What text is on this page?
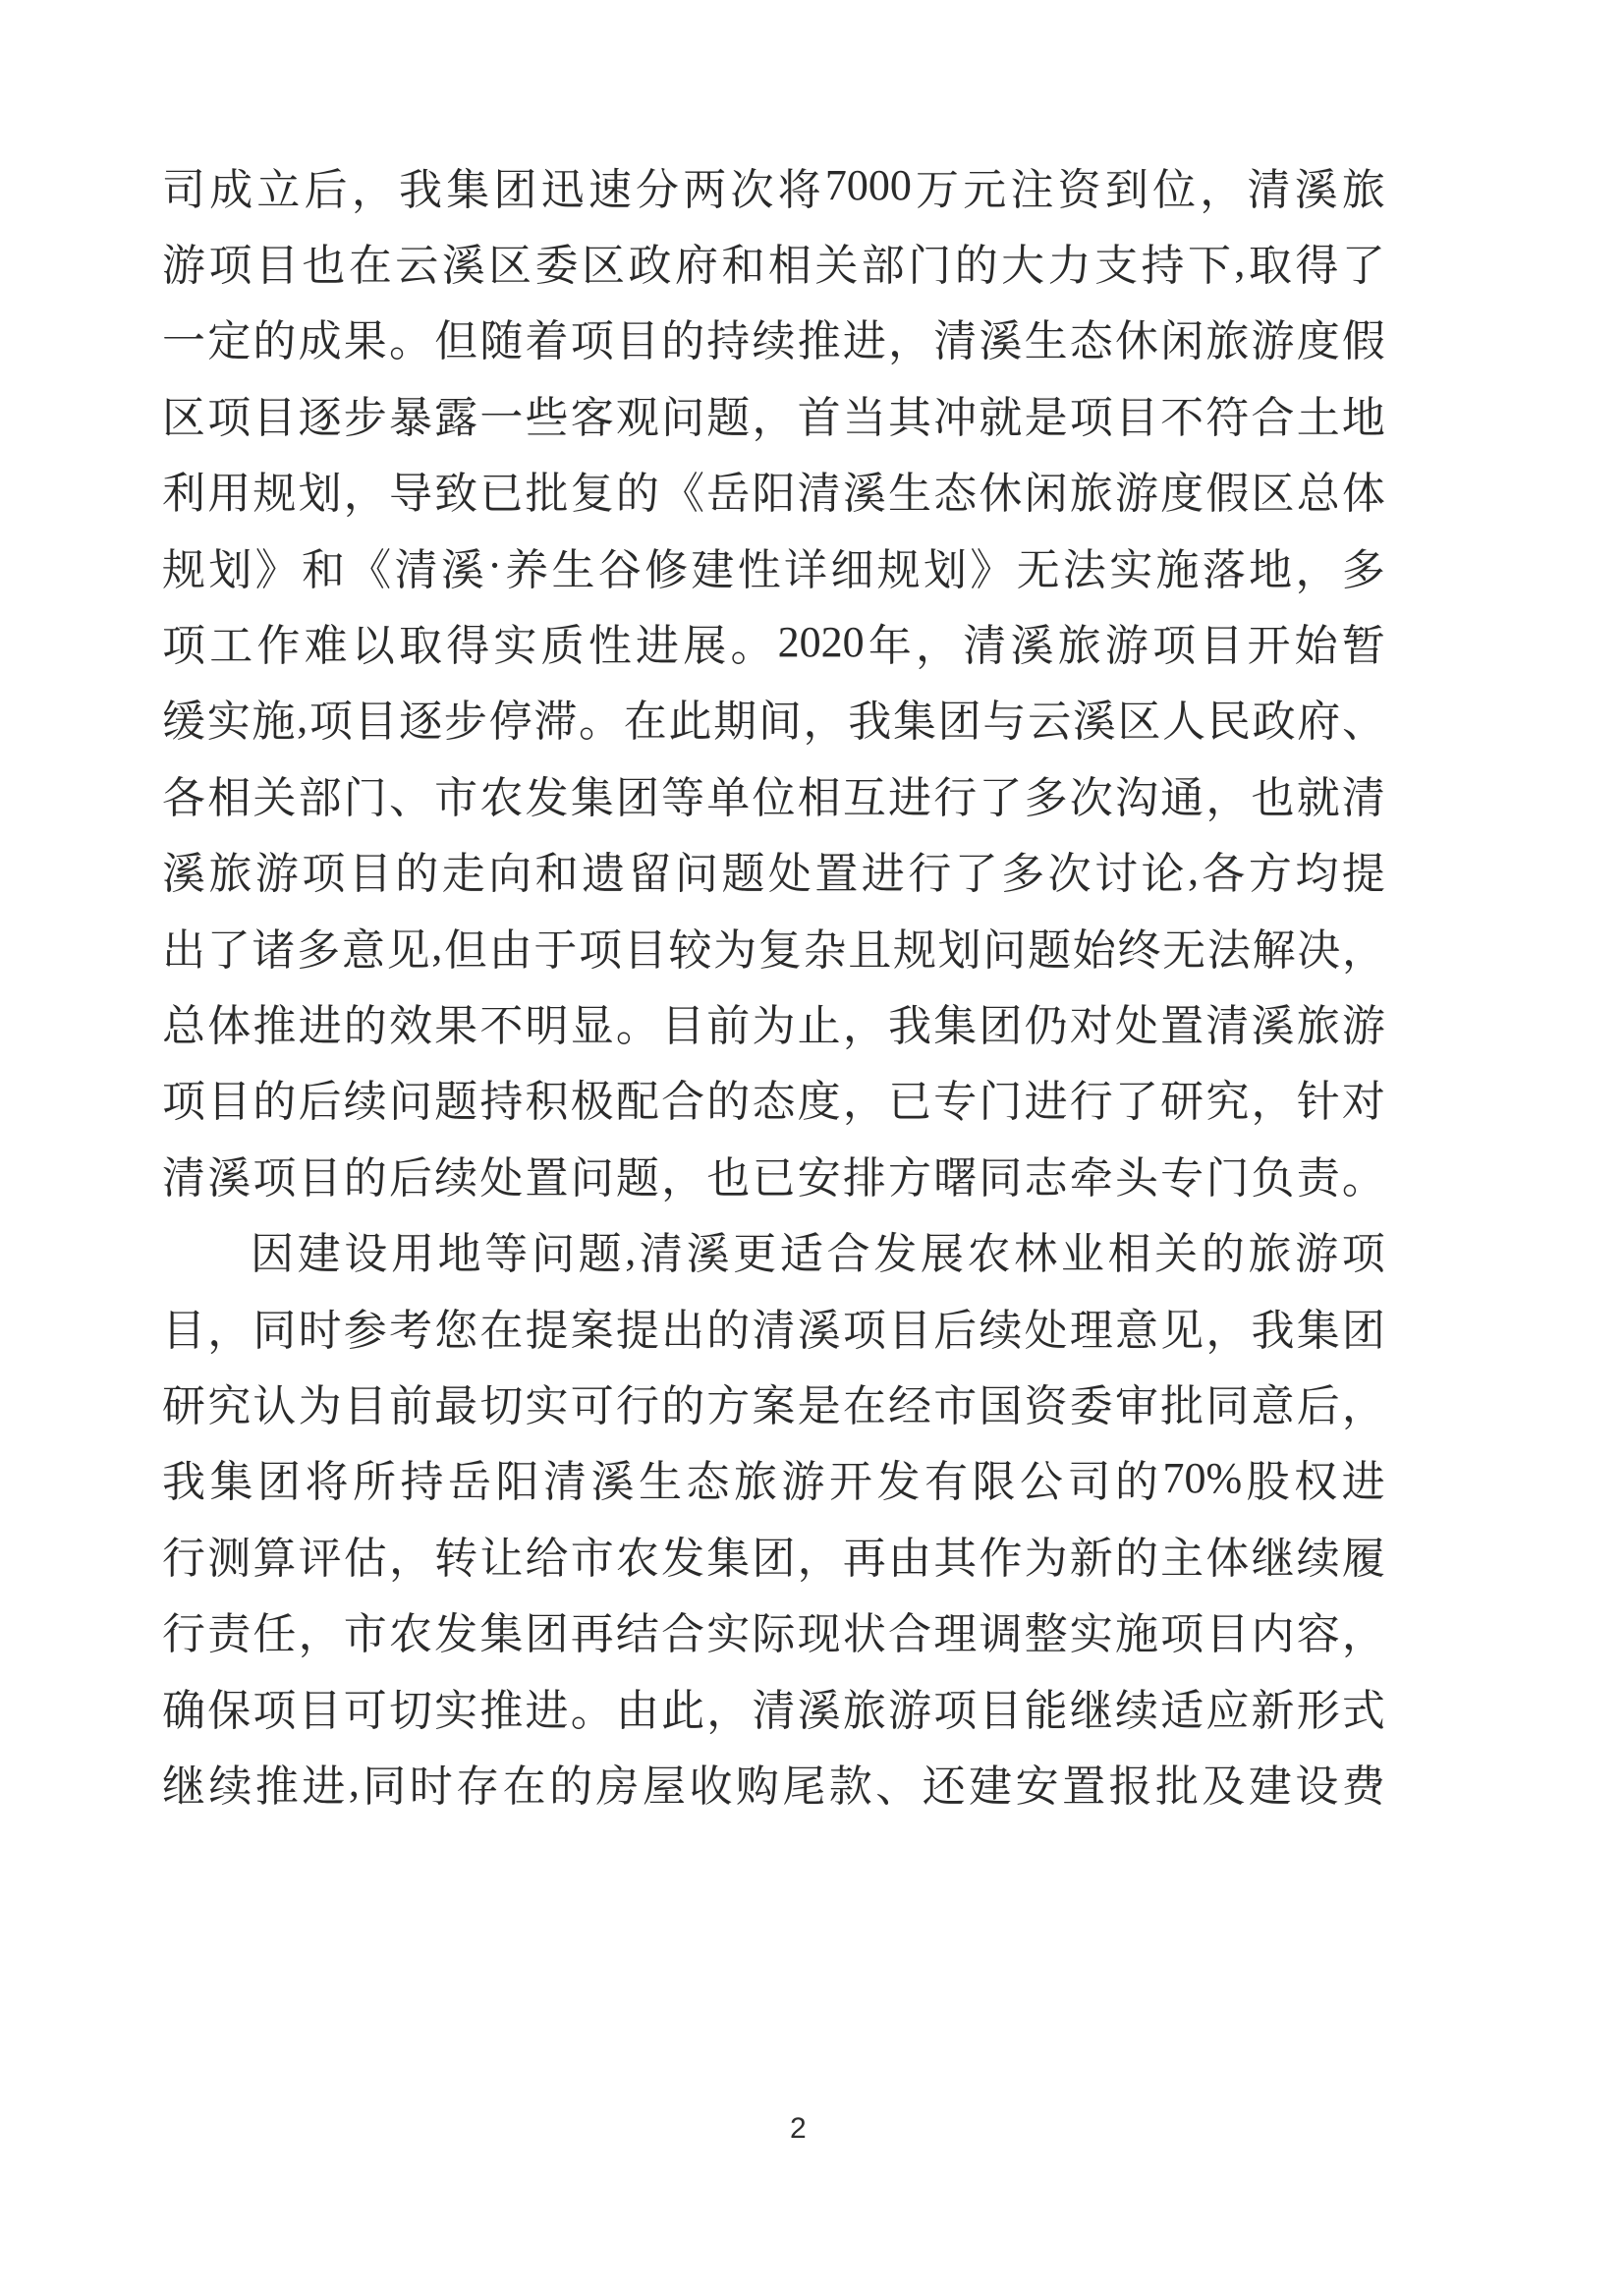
司 成 立 后 ， 我 集 团 迅 速 分 两 次 将 7000 万 元 注 资 到 位 ， 清 溪 旅
游 项 目 也 在 云 溪 区 委 区 政 府 和 相 关 部 门 的 大 力 支 持 下 , 取 得 了
一 定 的 成 果 。 但 随 着 项 目 的 持 续 推 进 ， 清 溪 生 态 休 闲 旅 游 度 假
区 项 目 逐 步 暴 露 一 些 客 观 问 题 ， 首 当 其 冲 就 是 项 目 不 符 合 土 地
利 用 规 划 ， 导 致 已 批 复 的 《 岳 阳 清 溪 生 态 休 闲 旅 游 度 假 区 总 体
规 划 》 和 《 清 溪 · 养 生 谷 修 建 性 详 细 规 划 》 无 法 实 施 落 地 ， 多
项 工 作 难 以 取 得 实 质 性 进 展 。 2020 年 ， 清 溪 旅 游 项 目 开 始 暂
缓 实 施 , 项 目 逐 步 停 滞 。 在 此 期 间 ， 我 集 团 与 云 溪 区 人 民 政 府 、
各 相 关 部 门 、 市 农 发 集 团 等 单 位 相 互 进 行 了 多 次 沟 通 ， 也 就 清
溪 旅 游 项 目 的 走 向 和 遗 留 问 题 处 置 进 行 了 多 次 讨 论 , 各 方 均 提
出 了 诸 多 意 见 , 但 由 于 项 目 较 为 复 杂 且 规 划 问 题 始 终 无 法 解 决 ，
总 体 推 进 的 效 果 不 明 显 。 目 前 为 止 ， 我 集 团 仍 对 处 置 清 溪 旅 游
项 目 的 后 续 问 题 持 积 极 配 合 的 态 度 ， 已 专 门 进 行 了 研 究 ， 针 对
清 溪 项 目 的 后 续 处 置 问 题 ， 也 已 安 排 方 曙 同 志 牵 头 专 门 负 责 。
因 建 设 用 地 等 问 题 , 清 溪 更 适 合 发 展 农 林 业 相 关 的 旅 游 项
目 ， 同 时 参 考 您 在 提 案 提 出 的 清 溪 项 目 后 续 处 理 意 见 ， 我 集 团
研 究 认 为 目 前 最 切 实 可 行 的 方 案 是 在 经 市 国 资 委 审 批 同 意 后 ，
我 集 团 将 所 持 岳 阳 清 溪 生 态 旅 游 开 发 有 限 公 司 的 70% 股 权 进
行 测 算 评 估 ， 转 让 给 市 农 发 集 团 ， 再 由 其 作 为 新 的 主 体 继 续 履
行 责 任 ， 市 农 发 集 团 再 结 合 实 际 现 状 合 理 调 整 实 施 项 目 内 容 ，
确 保 项 目 可 切 实 推 进 。 由 此 ， 清 溪 旅 游 项 目 能 继 续 适 应 新 形 式
继 续 推 进 , 同 时 存 在 的 房 屋 收 购 尾 款 、 还 建 安 置 报 批 及 建 设 费
2
